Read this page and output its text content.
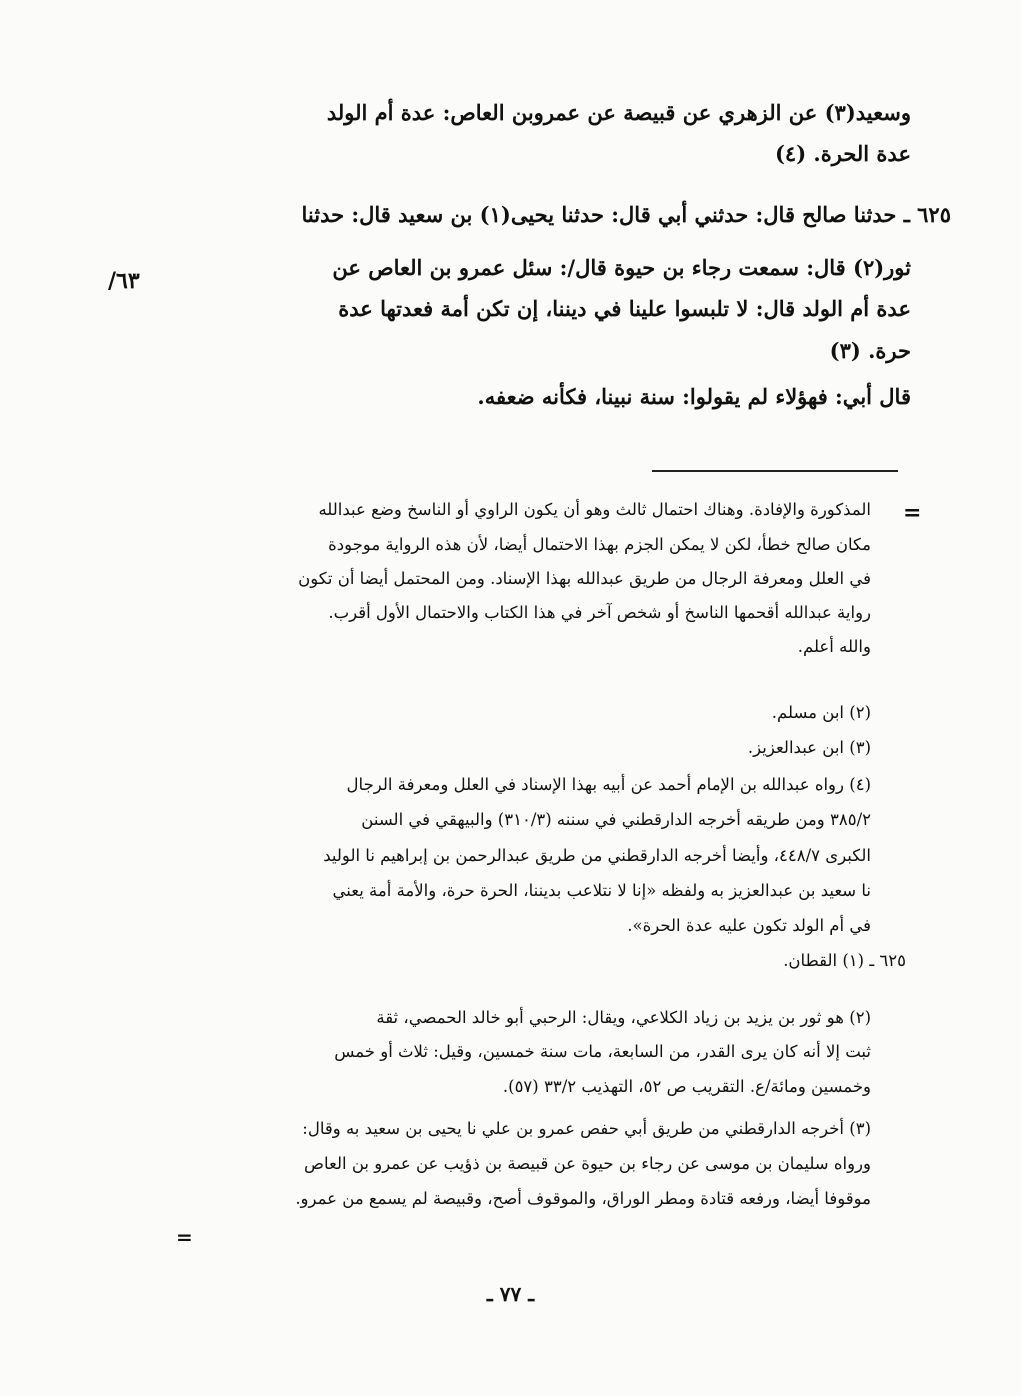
وسعيد(٣) عن الزهري عن قبيصة عن عمروبن العاص: عدة أم الولد
عدة الحرة. (٤)
٦٢٥ ـ حدثنا صالح قال: حدثني أبي قال: حدثنا يحيى(١) بن سعيد قال: حدثنا
ثور(٢) قال: سمعت رجاء بن حيوة قال/: سئل عمرو بن العاص عن
عدة أم الولد قال: لا تلبسوا علينا في ديننا، إن تكن أمة فعدتها عدة
حرة. (٣)
قال أبي: فهؤلاء لم يقولوا: سنة نبينا، فكأنه ضعفه.
/٦٣
=
المذكورة والإفادة. وهناك احتمال ثالث وهو أن يكون الراوي أو الناسخ وضع عبدالله
مكان صالح خطأ، لكن لا يمكن الجزم بهذا الاحتمال أيضا، لأن هذه الرواية موجودة
في العلل ومعرفة الرجال من طريق عبدالله بهذا الإسناد. ومن المحتمل أيضا أن تكون
رواية عبدالله أقحمها الناسخ أو شخص آخر في هذا الكتاب والاحتمال الأول أقرب.
والله أعلم.
(٢) ابن مسلم.
(٣) ابن عبدالعزيز.
(٤) رواه عبدالله بن الإمام أحمد عن أبيه بهذا الإسناد في العلل ومعرفة الرجال
٣٨٥/٢ ومن طريقه أخرجه الدارقطني في سننه (٣١٠/٣) والبيهقي في السنن
الكبرى ٤٤٨/٧، وأيضا أخرجه الدارقطني من طريق عبدالرحمن بن إبراهيم نا الوليد
نا سعيد بن عبدالعزيز به ولفظه «إنا لا نتلاعب بديننا، الحرة حرة، والأمة أمة يعني
في أم الولد تكون عليه عدة الحرة».
٦٢٥ ـ (١) القطان.
(٢) هو ثور بن يزيد بن زياد الكلاعي، ويقال: الرحبي أبو خالد الحمصي، ثقة
ثبت إلا أنه كان يرى القدر، من السابعة، مات سنة خمسين، وقيل: ثلاث أو خمس
وخمسين ومائة/ع. التقريب ص ٥٢، التهذيب ٣٣/٢ (٥٧).
(٣) أخرجه الدارقطني من طريق أبي حفص عمرو بن علي نا يحيى بن سعيد به وقال:
ورواه سليمان بن موسى عن رجاء بن حيوة عن قبيصة بن ذؤيب عن عمرو بن العاص
موقوفا أيضا، ورفعه قتادة ومطر الوراق، والموقوف أصح، وقبيصة لم يسمع من عمرو.
=
ـ ٧٧ ـ
